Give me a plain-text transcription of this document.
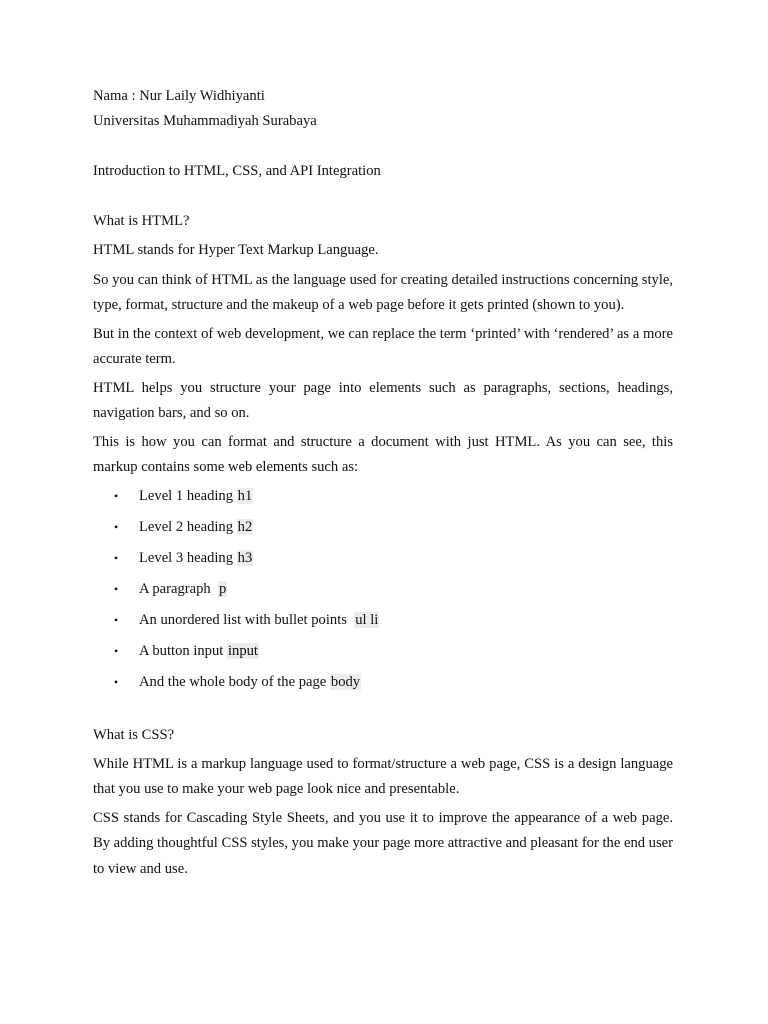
Nama : Nur Laily Widhiyanti
Universitas Muhammadiyah Surabaya
Introduction to HTML, CSS, and API Integration
What is HTML?

HTML stands for Hyper Text Markup Language.

So you can think of HTML as the language used for creating detailed instructions concerning style, type, format, structure and the makeup of a web page before it gets printed (shown to you).

But in the context of web development, we can replace the term ‘printed’ with ‘rendered’ as a more accurate term.

HTML helps you structure your page into elements such as paragraphs, sections, headings, navigation bars, and so on.

This is how you can format and structure a document with just HTML. As you can see, this markup contains some web elements such as:

• Level 1 heading h1
• Level 2 heading h2
• Level 3 heading h3
• A paragraph  p
• An unordered list with bullet points  ul li
• A button input input
• And the whole body of the page body
What is CSS?

While HTML is a markup language used to format/structure a web page, CSS is a design language that you use to make your web page look nice and presentable.

CSS stands for Cascading Style Sheets, and you use it to improve the appearance of a web page. By adding thoughtful CSS styles, you make your page more attractive and pleasant for the end user to view and use.
